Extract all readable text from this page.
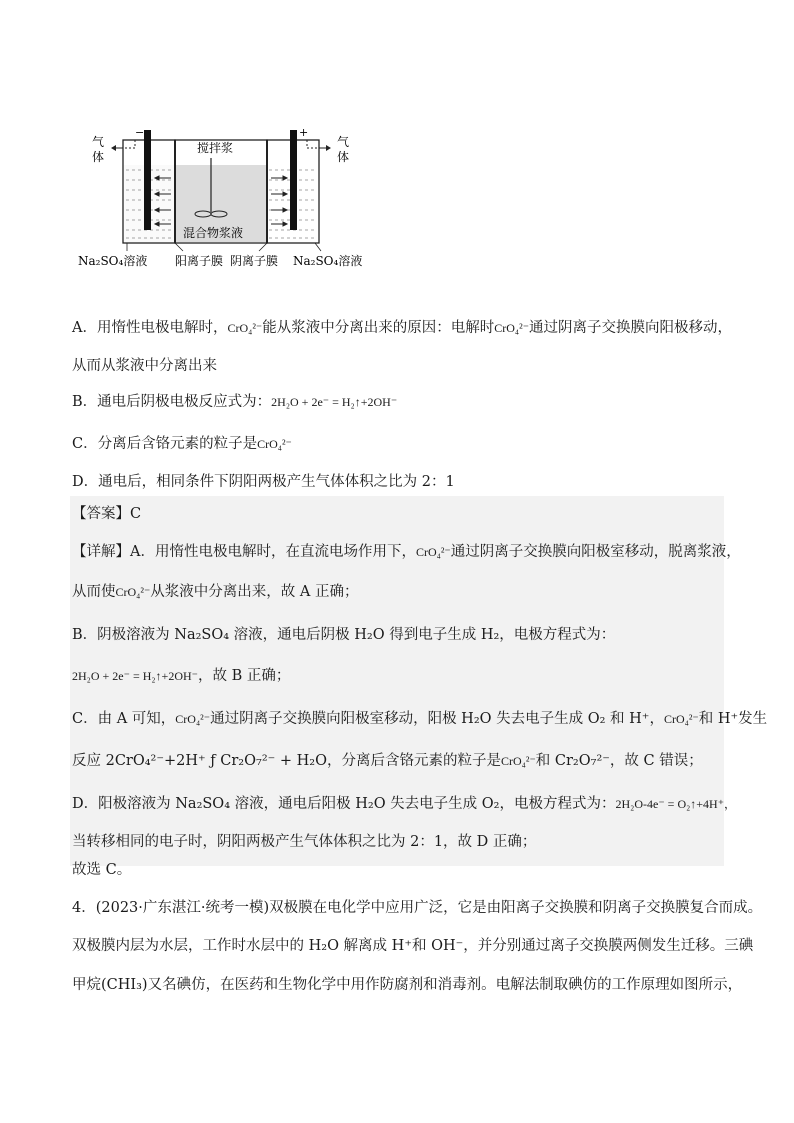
气
体
−	+
气
体
搅拌浆
混合物浆液
Na₂SO₄溶液 阳离子膜 阴离子膜 Na₂SO₄溶液
A．用惰性电极电解时，CrO₄²⁻能从浆液中分离出来的原因：电解时CrO₄²⁻通过阴离子交换膜向阳极移动，
从而从浆液中分离出来
B．通电后阴极电极反应式为：2H₂O + 2e⁻ = H₂↑+2OH⁻
C．分离后含铬元素的粒子是CrO₄²⁻
D．通电后，相同条件下阴阳两极产生气体体积之比为 2：1
【答案】C
【详解】A．用惰性电极电解时，在直流电场作用下，CrO₄²⁻通过阴离子交换膜向阳极室移动，脱离浆液，
从而使CrO₄²⁻从浆液中分离出来，故 A 正确；
B．阴极溶液为 Na₂SO₄ 溶液，通电后阴极 H₂O 得到电子生成 H₂，电极方程式为：
2H₂O + 2e⁻ = H₂↑+2OH⁻，故 B 正确；
C．由 A 可知，CrO₄²⁻通过阴离子交换膜向阳极室移动，阳极 H₂O 失去电子生成 O₂ 和 H⁺，CrO₄²⁻和 H⁺发生
反应 2CrO₄²⁻+2H⁺ ƒ Cr₂O₇²⁻ + H₂O，分离后含铬元素的粒子是CrO₄²⁻和 Cr₂O₇²⁻，故 C 错误；
D．阳极溶液为 Na₂SO₄ 溶液，通电后阳极 H₂O 失去电子生成 O₂，电极方程式为：2H₂O-4e⁻ = O₂↑+4H⁺，
当转移相同的电子时，阴阳两极产生气体体积之比为 2：1，故 D 正确；
故选 C。
4．(2023·广东湛江·统考一模)双极膜在电化学中应用广泛，它是由阳离子交换膜和阴离子交换膜复合而成。
双极膜内层为水层，工作时水层中的 H₂O 解离成 H⁺和 OH⁻，并分别通过离子交换膜两侧发生迁移。三碘
甲烷(CHI₃)又名碘仿，在医药和生物化学中用作防腐剂和消毒剂。电解法制取碘仿的工作原理如图所示，
